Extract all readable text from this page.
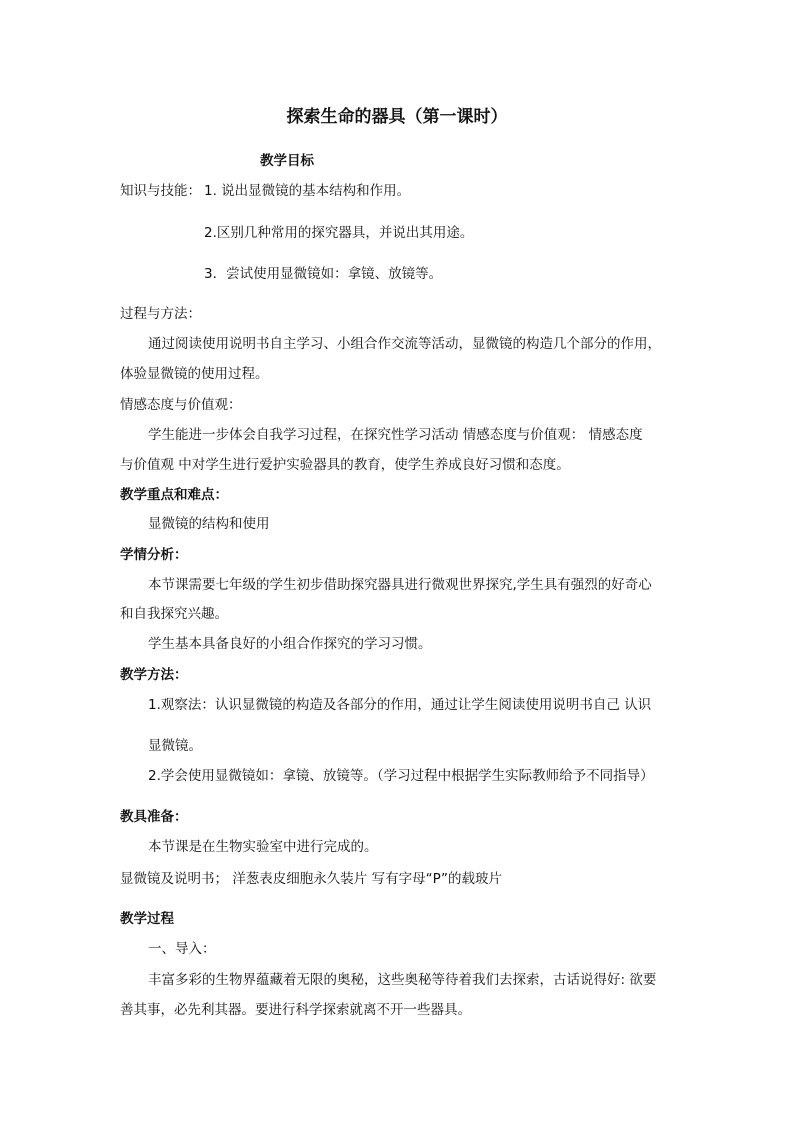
探索生命的器具（第一课时）
教学目标
知识与技能： 1. 说出显微镜的基本结构和作用。
2.区别几种常用的探究器具，并说出其用途。
3．尝试使用显微镜如：拿镜、放镜等。
过程与方法：
通过阅读使用说明书自主学习、小组合作交流等活动，显微镜的构造几个部分的作用，
体验显微镜的使用过程。
情感态度与价值观：
学生能进一步体会自我学习过程，在探究性学习活动 情感态度与价值观： 情感态度
与价值观 中对学生进行爱护实验器具的教育，使学生养成良好习惯和态度。
教学重点和难点：
显微镜的结构和使用
学情分析：
本节课需要七年级的学生初步借助探究器具进行微观世界探究,学生具有强烈的好奇心
和自我探究兴趣。
学生基本具备良好的小组合作探究的学习习惯。
教学方法：
1.观察法：认识显微镜的构造及各部分的作用，通过让学生阅读使用说明书自己 认识
显微镜。
2.学会使用显微镜如：拿镜、放镜等。（学习过程中根据学生实际教师给予不同指导）
教具准备：
本节课是在生物实验室中进行完成的。
显微镜及说明书； 洋葱表皮细胞永久装片 写有字母“P”的载玻片
教学过程
一、导入：
丰富多彩的生物界蕴藏着无限的奥秘，这些奥秘等待着我们去探索，古话说得好: 欲要
善其事，必先利其器。要进行科学探索就离不开一些器具。
